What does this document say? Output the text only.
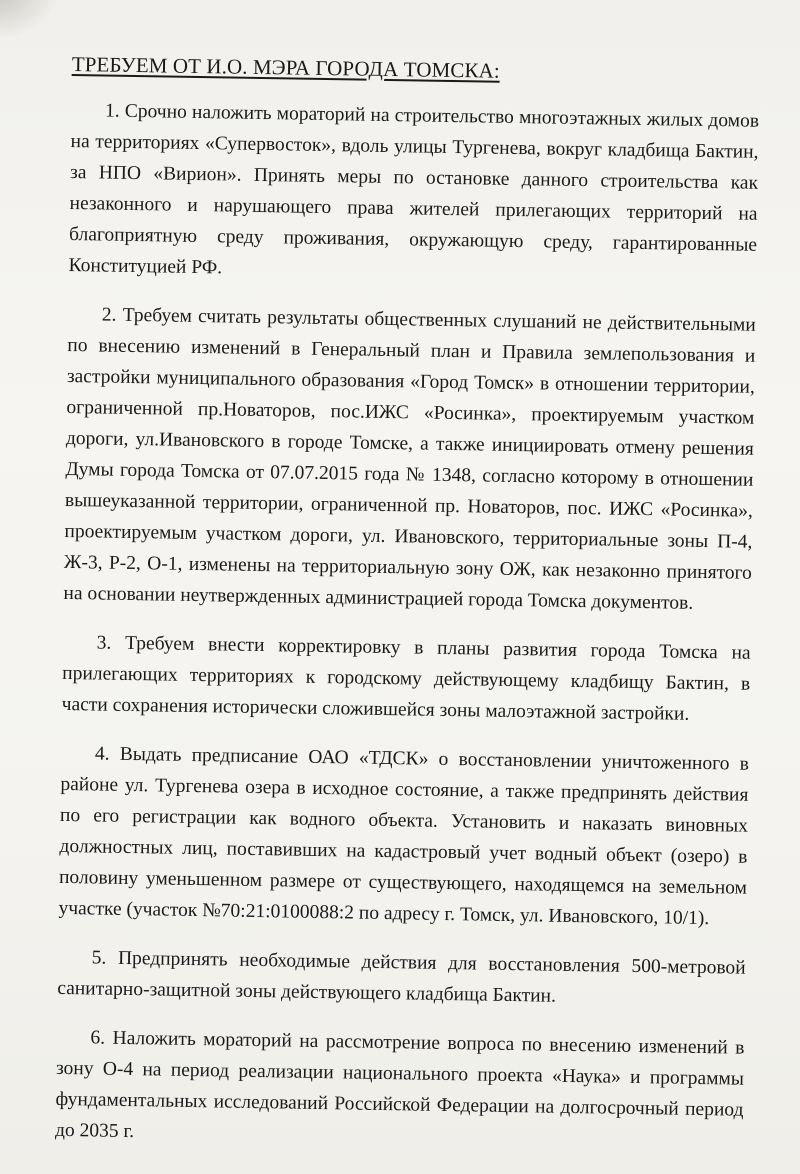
ТРЕБУЕМ ОТ И.О. МЭРА ГОРОДА ТОМСКА:

1. Срочно наложить мораторий на строительство многоэтажных жилых домов на территориях «Супервосток», вдоль улицы Тургенева, вокруг кладбища Бактин, за НПО «Вирион». Принять меры по остановке данного строительства как незаконного и нарушающего права жителей прилегающих территорий на благоприятную среду проживания, окружающую среду, гарантированные Конституцией РФ.

2. Требуем считать результаты общественных слушаний не действительными по внесению изменений в Генеральный план и Правила землепользования и застройки муниципального образования «Город Томск» в отношении территории, ограниченной пр.Новаторов, пос.ИЖС «Росинка», проектируемым участком дороги, ул.Ивановского в городе Томске, а также инициировать отмену решения Думы города Томска от 07.07.2015 года № 1348, согласно которому в отношении вышеуказанной территории, ограниченной пр. Новаторов, пос. ИЖС «Росинка», проектируемым участком дороги, ул. Ивановского, территориальные зоны П-4, Ж-3, Р-2, О-1, изменены на территориальную зону ОЖ, как незаконно принятого на основании неутвержденных администрацией города Томска документов.

3. Требуем внести корректировку в планы развития города Томска на прилегающих территориях к городскому действующему кладбищу Бактин, в части сохранения исторически сложившейся зоны малоэтажной застройки.

4. Выдать предписание ОАО «ТДСК» о восстановлении уничтоженного в районе ул. Тургенева озера в исходное состояние, а также предпринять действия по его регистрации как водного объекта. Установить и наказать виновных должностных лиц, поставивших на кадастровый учет водный объект (озеро) в половину уменьшенном размере от существующего, находящемся на земельном участке (участок №70:21:0100088:2 по адресу г. Томск, ул. Ивановского, 10/1).

5. Предпринять необходимые действия для восстановления 500-метровой санитарно-защитной зоны действующего кладбища Бактин.

6. Наложить мораторий на рассмотрение вопроса по внесению изменений в зону О-4 на период реализации национального проекта «Наука» и программы фундаментальных исследований Российской Федерации на долгосрочный период до 2035 г.
